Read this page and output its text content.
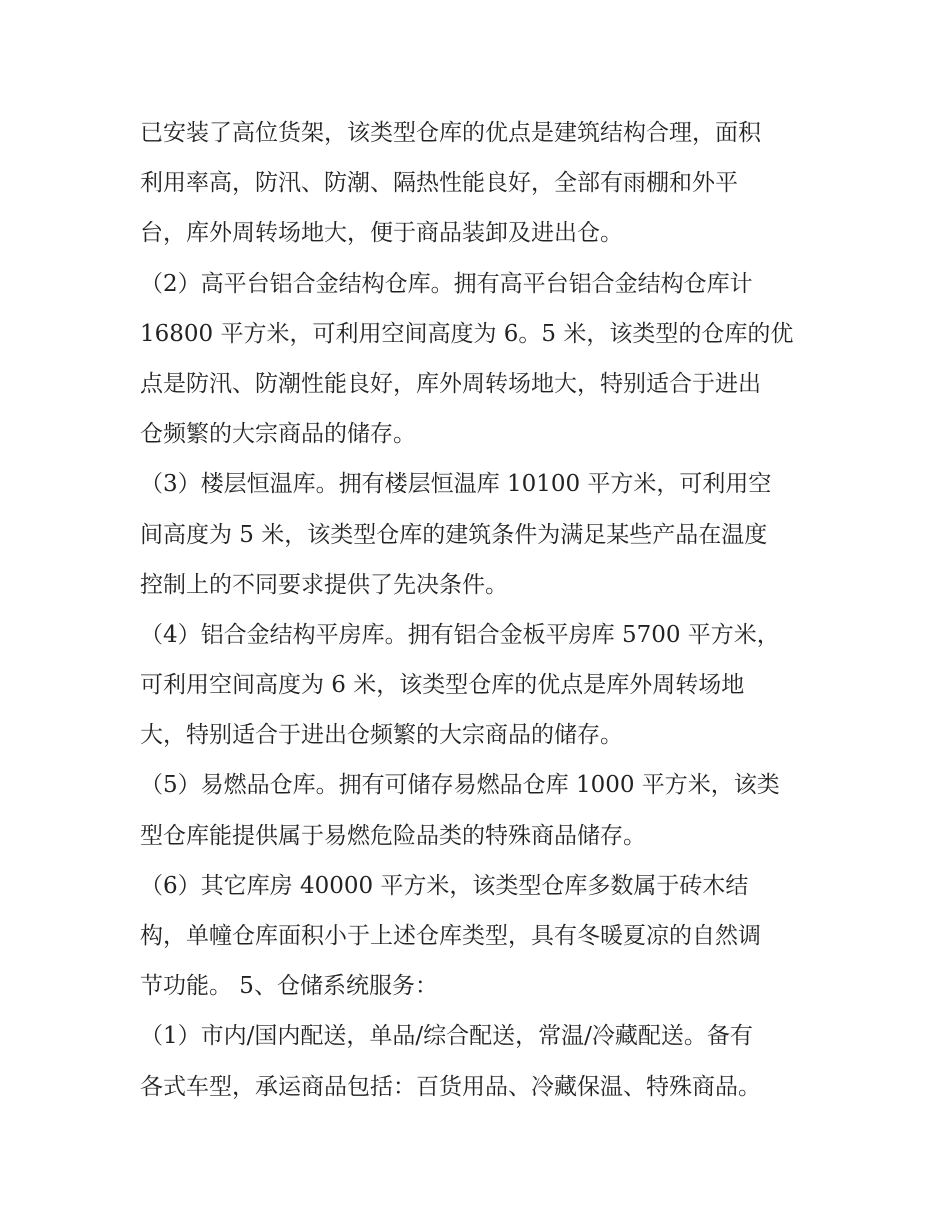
已安装了高位货架，该类型仓库的优点是建筑结构合理，面积
利用率高，防汛、防潮、隔热性能良好，全部有雨棚和外平
台，库外周转场地大，便于商品装卸及进出仓。
（2）高平台铝合金结构仓库。拥有高平台铝合金结构仓库计
16800 平方米，可利用空间高度为 6。5 米，该类型的仓库的优
点是防汛、防潮性能良好，库外周转场地大，特别适合于进出
仓频繁的大宗商品的储存。
（3）楼层恒温库。拥有楼层恒温库 10100 平方米，可利用空
间高度为 5 米，该类型仓库的建筑条件为满足某些产品在温度
控制上的不同要求提供了先决条件。
（4）铝合金结构平房库。拥有铝合金板平房库 5700 平方米，
可利用空间高度为 6 米，该类型仓库的优点是库外周转场地
大，特别适合于进出仓频繁的大宗商品的储存。
（5）易燃品仓库。拥有可储存易燃品仓库 1000 平方米，该类
型仓库能提供属于易燃危险品类的特殊商品储存。
（6）其它库房 40000 平方米，该类型仓库多数属于砖木结
构，单幢仓库面积小于上述仓库类型，具有冬暖夏凉的自然调
节功能。 5、仓储系统服务：
（1）市内/国内配送，单品/综合配送，常温/冷藏配送。备有
各式车型，承运商品包括：百货用品、冷藏保温、特殊商品。
